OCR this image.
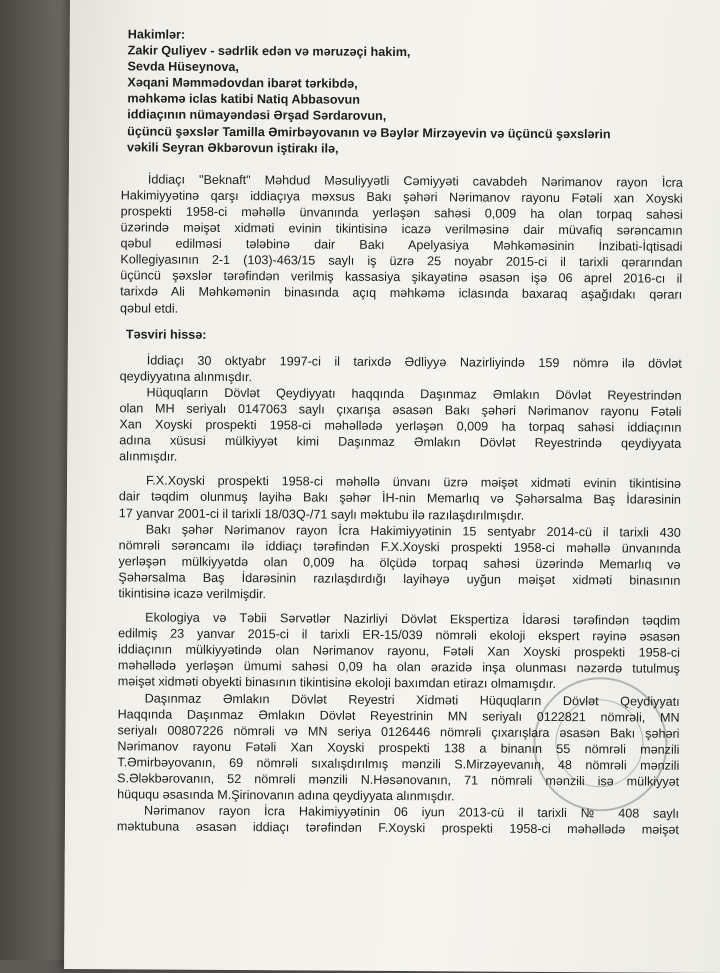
Hakimlər:
Zakir Quliyev - sədrlik edən və məruzəçi hakim,
Sevda Hüseynova,
Xəqani Məmmədovdan ibarət tərkibdə,
məhkəmə iclas katibi Natiq Abbasovun
iddiaçının nümayəndəsi Ərşad Sərdarovun,
üçüncü şəxslər Tamilla Əmirbəyovanın və Bəylər Mirzəyevin və üçüncü şəxslərin
vəkili Seyran Əkbərovun iştirakı ilə,
İddiaçı "Beknaft" Məhdud Məsuliyyətli Cəmiyyəti cavabdeh Nərimanov rayon İcra
Hakimiyyətinə qarşı iddiaçıya məxsus Bakı şəhəri Nərimanov rayonu Fətəli xan Xoyski
prospekti 1958-ci məhəllə ünvanında yerləşən sahəsi 0,009 ha olan torpaq sahəsi
üzərində məişət xidməti evinin tikintisinə icazə verilməsinə dair müvafiq sərəncamın
qəbul edilməsi tələbinə dair Bakı Apelyasiya Məhkəməsinin İnzibati-İqtisadi
Kollegiyasının 2-1 (103)-463/15 saylı iş üzrə 25 noyabr 2015-ci il tarixli qərarından
üçüncü şəxslər tərəfindən verilmiş kassasiya şikayətinə əsasən işə 06 aprel 2016-cı il
tarixdə Ali Məhkəmənin binasında açıq məhkəmə iclasında baxaraq aşağıdakı qərarı
qəbul etdi.
Təsviri hissə:
İddiaçı 30 oktyabr 1997-ci il tarixdə Ədliyyə Nazirliyində 159 nömrə ilə dövlət
qeydiyyatına alınmışdır.
Hüquqların Dövlət Qeydiyyatı haqqında Daşınmaz Əmlakın Dövlət Reyestrindən
olan MH seriyalı 0147063 saylı çıxarışa əsasən Bakı şəhəri Nərimanov rayonu Fətəli
Xan Xoyski prospekti 1958-ci məhəllədə yerləşən 0,009 ha torpaq sahəsi iddiaçının
adına xüsusi mülkiyyət kimi Daşınmaz Əmlakın Dövlət Reyestrində qeydiyyata
alınmışdır.
F.X.Xoyski prospekti 1958-ci məhəllə ünvanı üzrə məişət xidməti evinin tikintisinə
dair təqdim olunmuş layihə Bakı şəhər İH-nin Memarlıq və Şəhərsalma Baş İdarəsinin
17 yanvar 2001-ci il tarixli 18/03Q-/71 saylı məktubu ilə razılaşdırılmışdır.
Bakı şəhər Nərimanov rayon İcra Hakimiyyətinin 15 sentyabr 2014-cü il tarixli 430
nömrəli sərəncamı ilə iddiaçı tərəfindən F.X.Xoyski prospekti 1958-ci məhəllə ünvanında
yerləşən mülkiyyətdə olan 0,009 ha ölçüdə torpaq sahəsi üzərində Memarlıq və
Şəhərsalma Baş İdarəsinin razılaşdırdığı layihəyə uyğun məişət xidməti binasının
tikintisinə icazə verilmişdir.
Ekologiya və Təbii Sərvətlər Nazirliyi Dövlət Ekspertiza İdarəsi tərəfindən təqdim
edilmiş 23 yanvar 2015-ci il tarixli ER-15/039 nömrəli ekoloji ekspert rəyinə əsasən
iddiaçının mülkiyyətində olan Nərimanov rayonu, Fətəli Xan Xoyski prospekti 1958-ci
məhəllədə yerləşən ümumi sahəsi 0,09 ha olan ərazidə inşa olunması nəzərdə tutulmuş
məişət xidməti obyekti binasının tikintisinə ekoloji baxımdan etirazı olmamışdır.
Daşınmaz Əmlakın Dövlət Reyestri Xidməti Hüquqların Dövlət Qeydiyyatı
Haqqında Daşınmaz Əmlakın Dövlət Reyestrinin MN seriyalı 0122821 nömrəli, MN
seriyalı 00807226 nömrəli və MN seriya 0126446 nömrəli çıxarışlara əsasən Bakı şəhəri
Nərimanov rayonu Fətəli Xan Xoyski prospekti 138 a binanın 55 nömrəli mənzili
T.Əmirbəyovanın, 69 nömrəli sıxalışdırılmış mənzili S.Mirzəyevanın, 48 nömrəli mənzili
S.Ələkbərovanın, 52 nömrəli mənzili N.Həsənovanın, 71 nömrəli mənzili isə mülkiyyət
hüququ əsasında M.Şirinovanın adına qeydiyyata alınmışdır.
Nərimanov rayon İcra Hakimiyyətinin 06 iyun 2013-cü il tarixli № 408 saylı
məktubuna əsasən iddiaçı tərəfindən F.Xoyski prospekti 1958-ci məhəllədə məişət
